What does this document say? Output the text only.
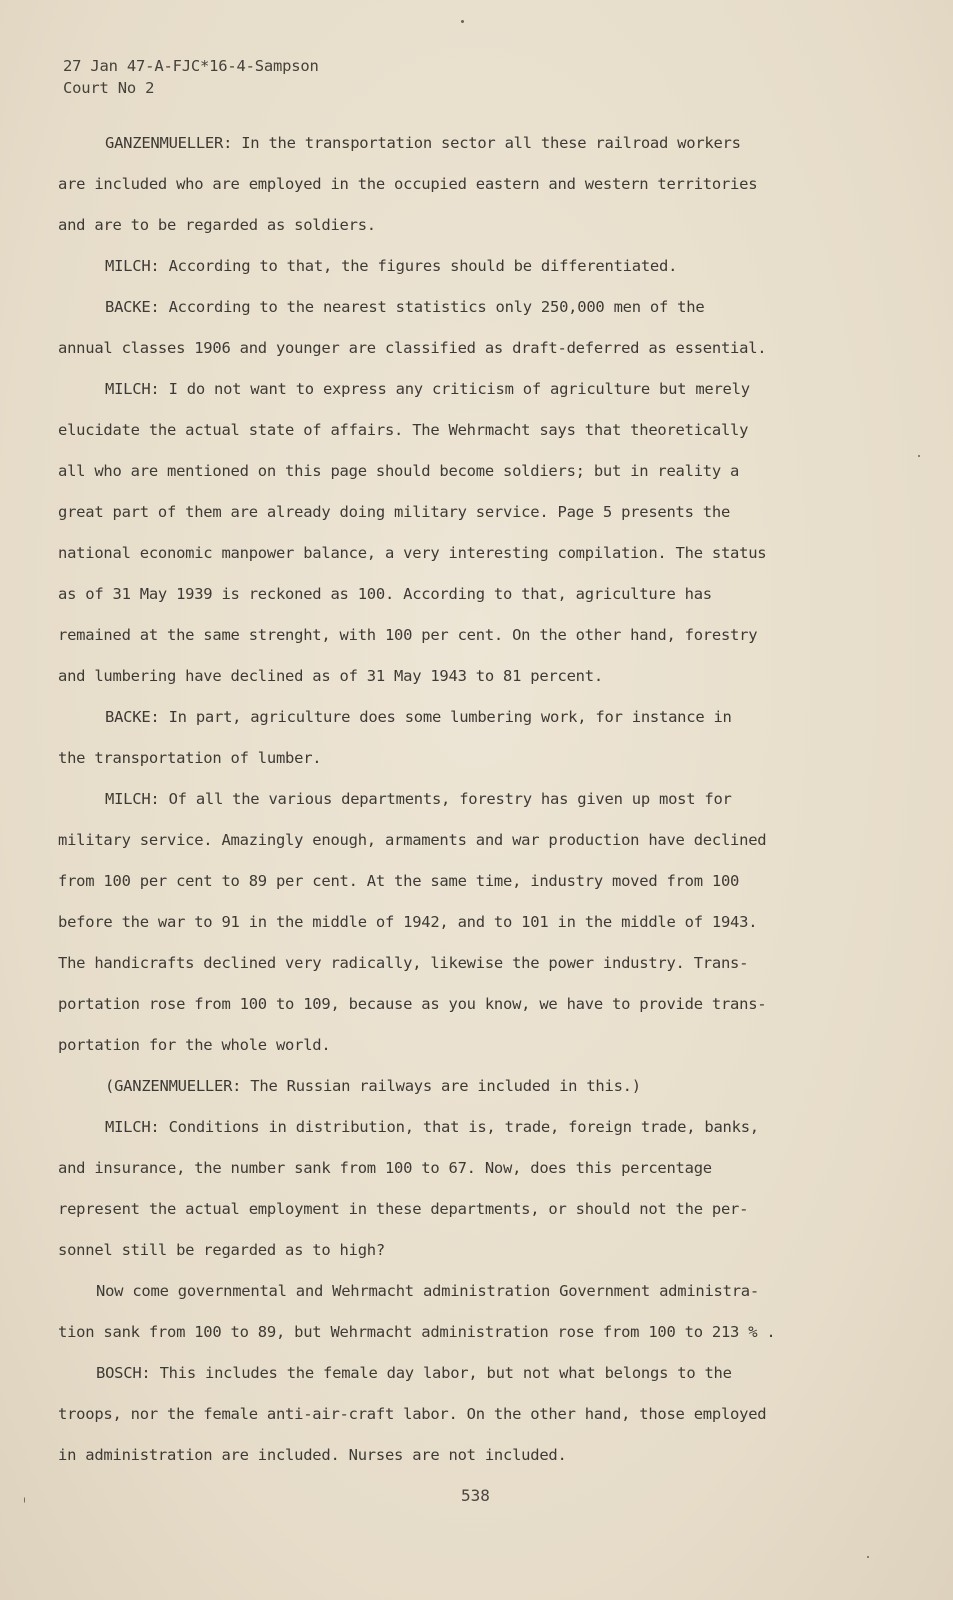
27 Jan 47-A-FJC*16-4-Sampson
Court No 2
GANZENMUELLER: In the transportation sector all these railroad workers
are included who are employed in the occupied eastern and western territories
and are to be regarded as soldiers.
MILCH: According to that, the figures should be differentiated.
BACKE: According to the nearest statistics only 250,000 men of the
annual classes 1906 and younger are classified as draft-deferred as essential.
MILCH: I do not want to express any criticism of agriculture but merely
elucidate the actual state of affairs. The Wehrmacht says that theoretically
all who are mentioned on this page should become soldiers; but in reality a
great part of them are already doing military service. Page 5 presents the
national economic manpower balance, a very interesting compilation. The status
as of 31 May 1939 is reckoned as 100. According to that, agriculture has
remained at the same strenght, with 100 per cent. On the other hand, forestry
and lumbering have declined as of 31 May 1943 to 81 percent.
BACKE: In part, agriculture does some lumbering work, for instance in
the transportation of lumber.
MILCH: Of all the various departments, forestry has given up most for
military service. Amazingly enough, armaments and war production have declined
from 100 per cent to 89 per cent. At the same time, industry moved from 100
before the war to 91 in the middle of 1942, and to 101 in the middle of 1943.
The handicrafts declined very radically, likewise the power industry. Trans-
portation rose from 100 to 109, because as you know, we have to provide trans-
portation for the whole world.
(GANZENMUELLER: The Russian railways are included in this.)
MILCH: Conditions in distribution, that is, trade, foreign trade, banks,
and insurance, the number sank from 100 to 67. Now, does this percentage
represent the actual employment in these departments, or should not the per-
sonnel still be regarded as to high?
Now come governmental and Wehrmacht administration Government administra-
tion sank from 100 to 89, but Wehrmacht administration rose from 100 to 213 % .
BOSCH: This includes the female day labor, but not what belongs to the
troops, nor the female anti-air-craft labor. On the other hand, those employed
in administration are included. Nurses are not included.
538
